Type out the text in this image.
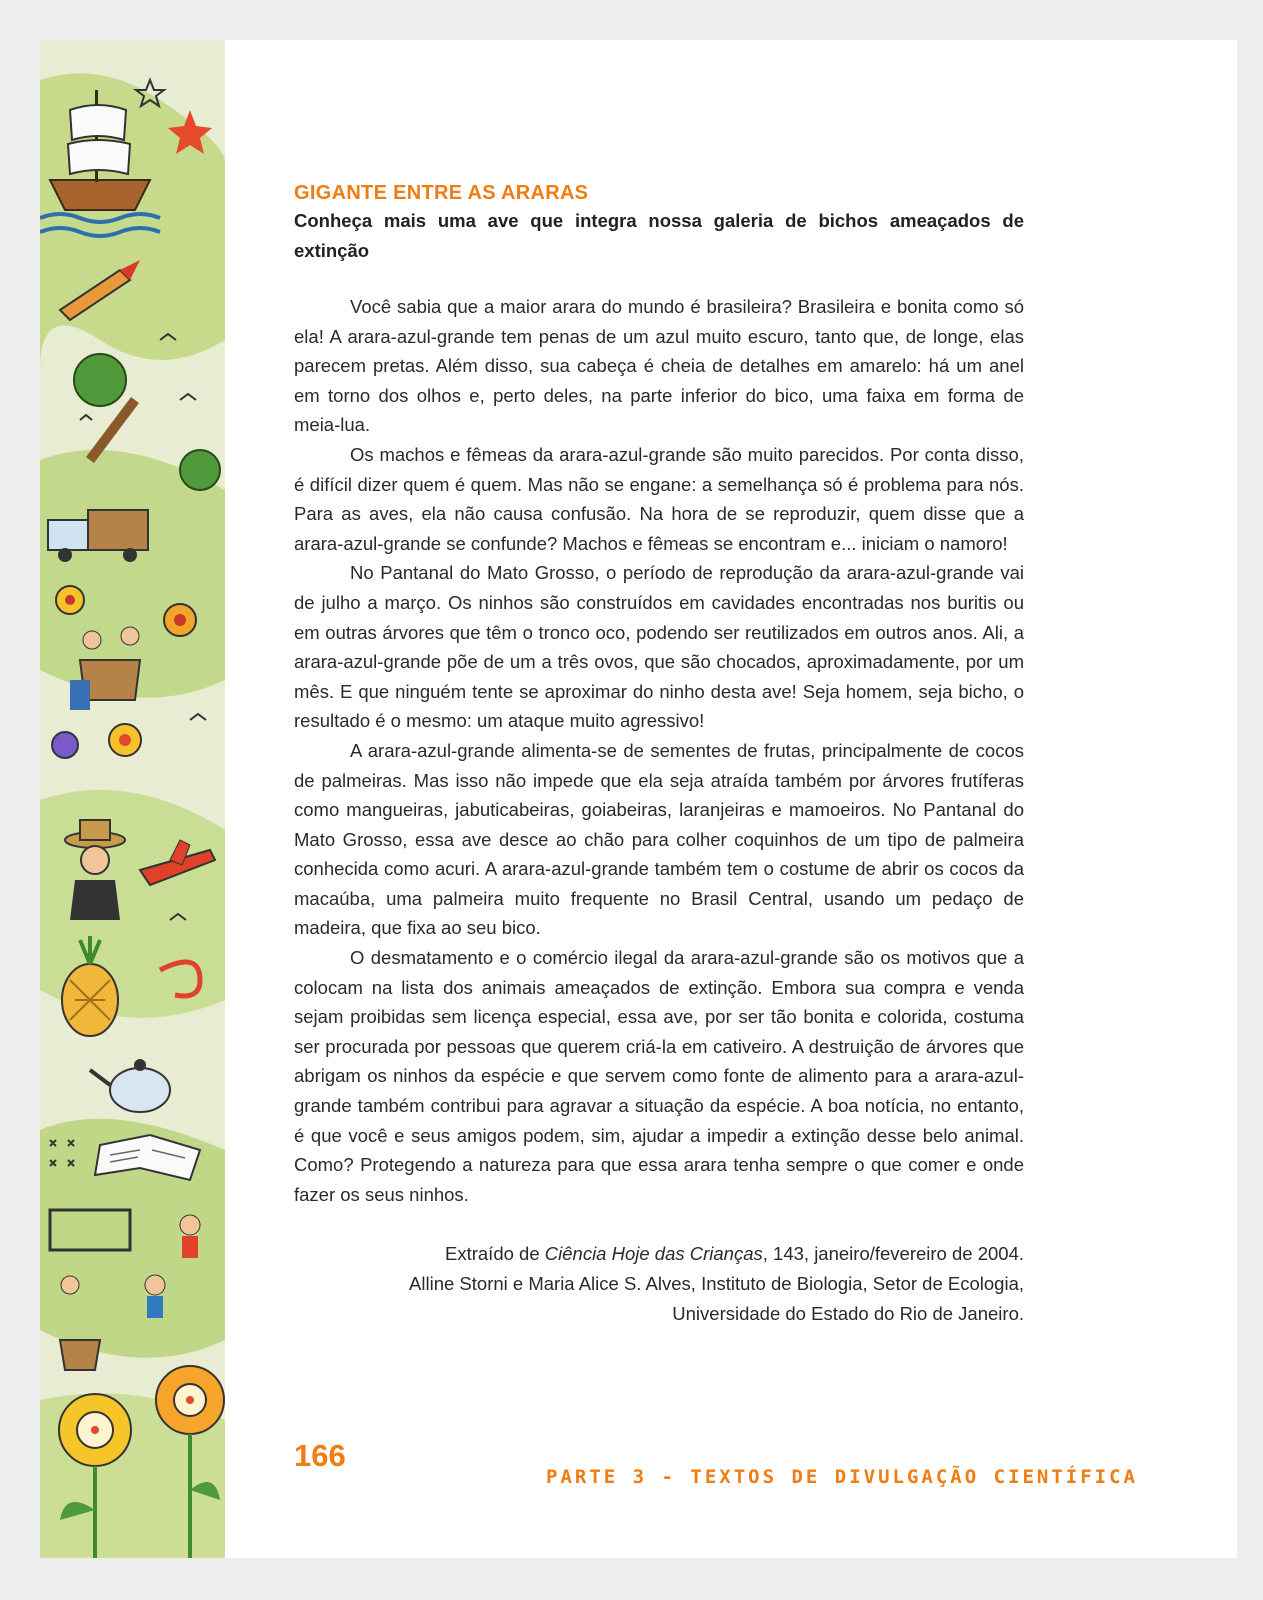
GIGANTE ENTRE AS ARARAS

Conheça mais uma ave que integra nossa galeria de bichos ameaçados de extinção

Você sabia que a maior arara do mundo é brasileira? Brasileira e bonita como só ela! A arara-azul-grande tem penas de um azul muito escuro, tanto que, de longe, elas parecem pretas. Além disso, sua cabeça é cheia de detalhes em amarelo: há um anel em torno dos olhos e, perto deles, na parte inferior do bico, uma faixa em forma de meia-lua.

Os machos e fêmeas da arara-azul-grande são muito parecidos. Por conta disso, é difícil dizer quem é quem. Mas não se engane: a semelhança só é problema para nós. Para as aves, ela não causa confusão. Na hora de se reproduzir, quem disse que a arara-azul-grande se confunde? Machos e fêmeas se encontram e... iniciam o namoro!

No Pantanal do Mato Grosso, o período de reprodução da arara-azul-grande vai de julho a março. Os ninhos são construídos em cavidades encontradas nos buritis ou em outras árvores que têm o tronco oco, podendo ser reutilizados em outros anos. Ali, a arara-azul-grande põe de um a três ovos, que são chocados, aproximadamente, por um mês. E que ninguém tente se aproximar do ninho desta ave! Seja homem, seja bicho, o resultado é o mesmo: um ataque muito agressivo!

A arara-azul-grande alimenta-se de sementes de frutas, principalmente de cocos de palmeiras. Mas isso não impede que ela seja atraída também por árvores frutíferas como mangueiras, jabuticabeiras, goiabeiras, laranjeiras e mamoeiros. No Pantanal do Mato Grosso, essa ave desce ao chão para colher coquinhos de um tipo de palmeira conhecida como acuri. A arara-azul-grande também tem o costume de abrir os cocos da macaúba, uma palmeira muito frequente no Brasil Central, usando um pedaço de madeira, que fixa ao seu bico.

O desmatamento e o comércio ilegal da arara-azul-grande são os motivos que a colocam na lista dos animais ameaçados de extinção. Embora sua compra e venda sejam proibidas sem licença especial, essa ave, por ser tão bonita e colorida, costuma ser procurada por pessoas que querem criá-la em cativeiro. A destruição de árvores que abrigam os ninhos da espécie e que servem como fonte de alimento para a arara-azul-grande também contribui para agravar a situação da espécie. A boa notícia, no entanto, é que você e seus amigos podem, sim, ajudar a impedir a extinção desse belo animal. Como? Protegendo a natureza para que essa arara tenha sempre o que comer e onde fazer os seus ninhos.

Extraído de Ciência Hoje das Crianças, 143, janeiro/fevereiro de 2004.
Alline Storni e Maria Alice S. Alves, Instituto de Biologia, Setor de Ecologia,
Universidade do Estado do Rio de Janeiro.
166
PARTE 3 - TEXTOS DE DIVULGAÇÃO CIENTÍFICA
